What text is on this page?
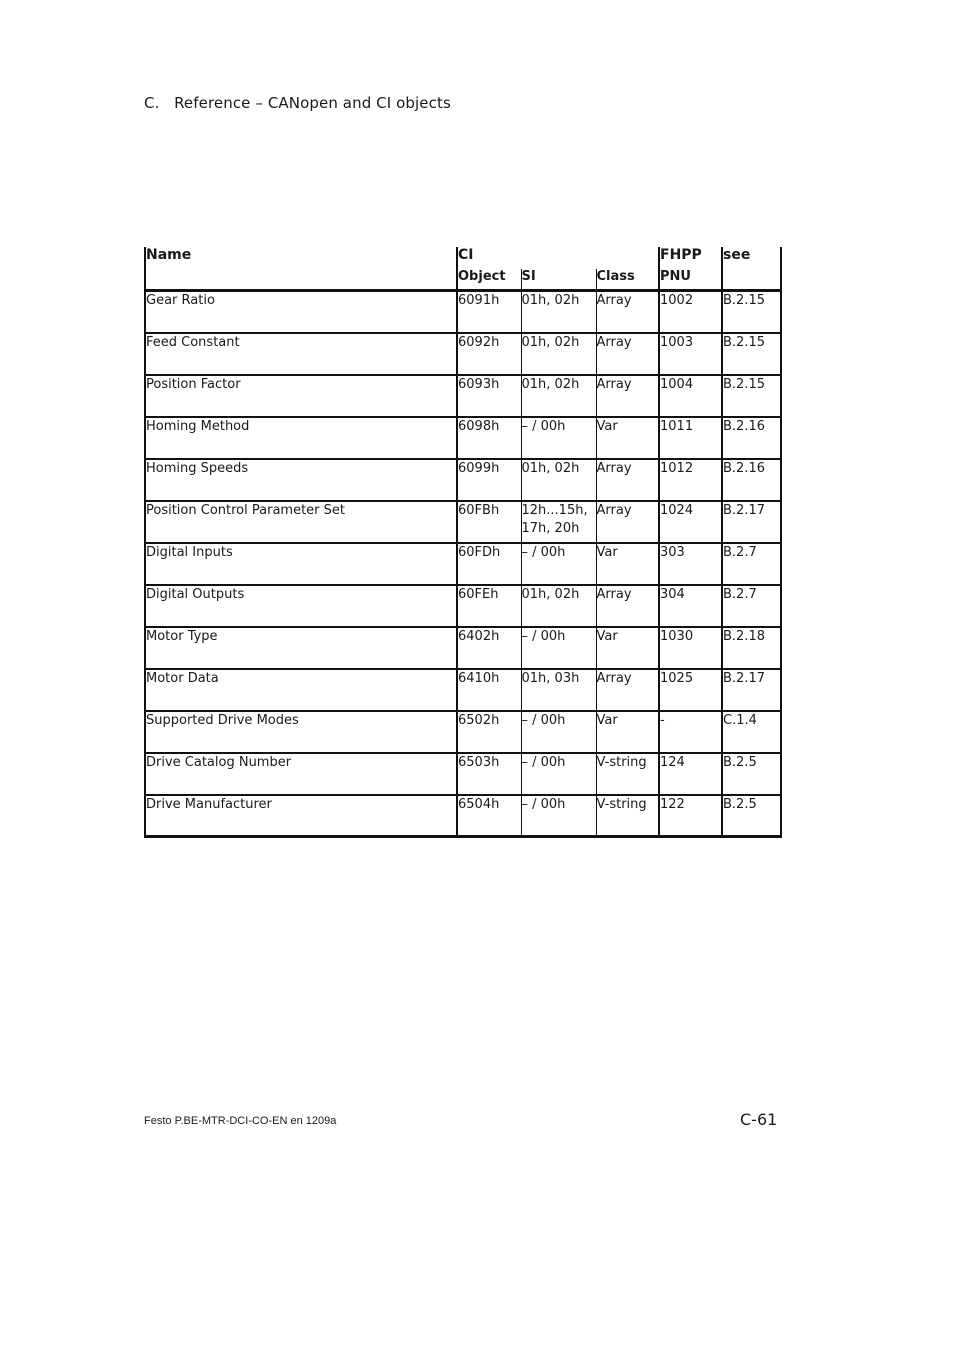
C. Reference – CANopen and CI objects
Name	CI			FHPP	see
	Object	SI	Class	PNU	
Gear Ratio	6091h	01h, 02h	Array	1002	B.2.15
Feed Constant	6092h	01h, 02h	Array	1003	B.2.15
Position Factor	6093h	01h, 02h	Array	1004	B.2.15
Homing Method	6098h	– / 00h	Var	1011	B.2.16
Homing Speeds	6099h	01h, 02h	Array	1012	B.2.16
Position Control Parameter Set	60FBh	12h...15h, 17h, 20h	Array	1024	B.2.17
Digital Inputs	60FDh	– / 00h	Var	303	B.2.7
Digital Outputs	60FEh	01h, 02h	Array	304	B.2.7
Motor Type	6402h	– / 00h	Var	1030	B.2.18
Motor Data	6410h	01h, 03h	Array	1025	B.2.17
Supported Drive Modes	6502h	– / 00h	Var	-	C.1.4
Drive Catalog Number	6503h	– / 00h	V-string	124	B.2.5
Drive Manufacturer	6504h	– / 00h	V-string	122	B.2.5
Festo P.BE-MTR-DCI-CO-EN en 1209a	C-61
